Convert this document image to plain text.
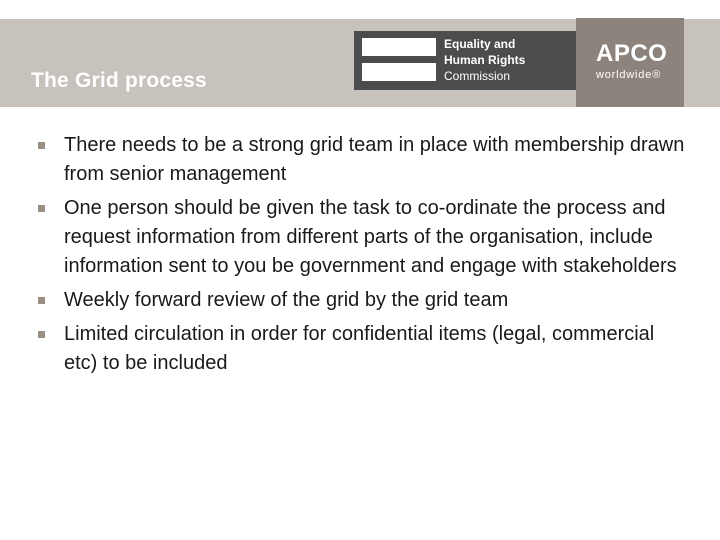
The Grid process
Equality and
Human Rights
Commission
APCO
worldwide®
There needs to be a strong grid team in place with membership drawn from senior management
One person should be given the task to co-ordinate the process and request information from different parts of the organisation, include information sent to you be government and engage with stakeholders
Weekly forward review of the grid by the grid team
Limited circulation in order for confidential items (legal, commercial etc) to be included
